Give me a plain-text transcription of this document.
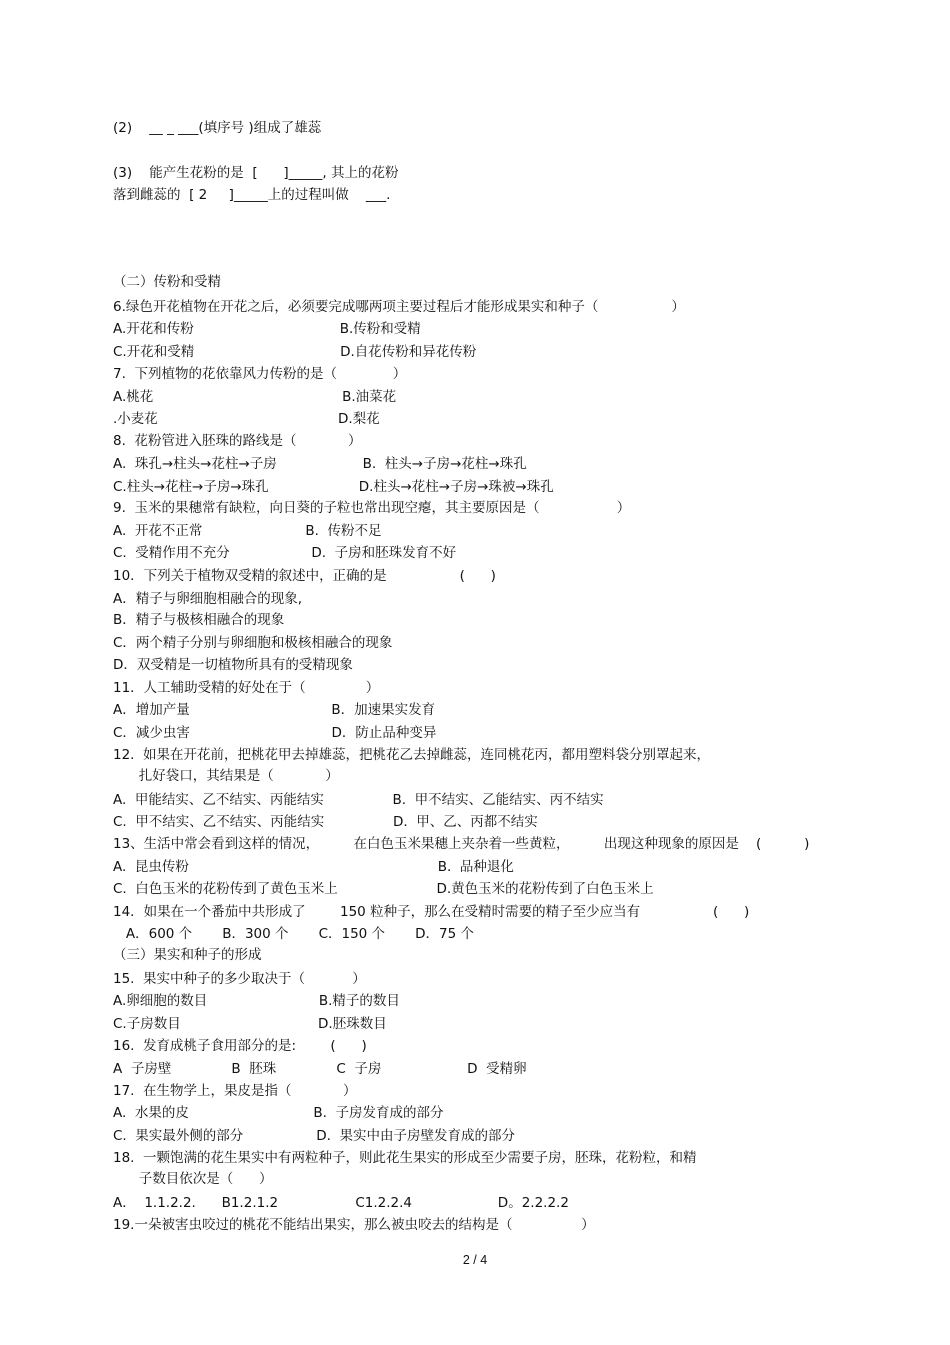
(2)    __ _ ___(填序号 )组成了雄蕊
(3)    能产生花粉的是  [      ]_____, 其上的花粉
落到雌蕊的  [ 2     ]_____上的过程叫做    ___.
（二）传粉和受精
6.绿色开花植物在开花之后，必须要完成哪两项主要过程后才能形成果实和种子（                 ）
A.开花和传粉                                  B.传粉和受精
C.开花和受精                                  D.自花传粉和异花传粉
7.  下列植物的花依靠风力传粉的是（             ）
A.桃花                                            B.油菜花
.小麦花                                          D.梨花
8.  花粉管进入胚珠的路线是（            ）
A.  珠孔→柱头→花柱→子房                    B.  柱头→子房→花柱→珠孔
C.柱头→花柱→子房→珠孔                     D.柱头→花柱→子房→珠被→珠孔
9.  玉米的果穗常有缺粒，向日葵的子粒也常出现空瘪，其主要原因是（                  ）
A.  开花不正常                        B.  传粉不足
C.  受精作用不充分                   D.  子房和胚珠发育不好
10．下列关于植物双受精的叙述中，正确的是                 (      )
A．精子与卵细胞相融合的现象,
B．精子与极核相融合的现象
C．两个精子分别与卵细胞和极核相融合的现象
D．双受精是一切植物所具有的受精现象
11．人工辅助受精的好处在于（              ）
A．增加产量                                 B．加速果实发育
C．减少虫害                                 D．防止品种变异
12.  如果在开花前，把桃花甲去掉雄蕊，把桃花乙去掉雌蕊，连同桃花丙，都用塑料袋分别罩起来，
扎好袋口，其结果是（            ）
A.  甲能结实、乙不结实、丙能结实                B.  甲不结实、乙能结实、丙不结实
C.  甲不结实、乙不结实、丙能结实                D.  甲、乙、丙都不结实
13、生活中常会看到这样的情况，        在白色玉米果穗上夹杂着一些黄粒，        出现这种现象的原因是    (          )
A.  昆虫传粉                                                          B.  品种退化
C.  白色玉米的花粉传到了黄色玉米上                       D.黄色玉米的花粉传到了白色玉米上
14．如果在一个番茄中共形成了        150 粒种子，那么在受精时需要的精子至少应当有                 (      )
A．600 个       B．300 个       C．150 个       D．75 个
（三）果实和种子的形成
15.  果实中种子的多少取决于（           ）
A.卵细胞的数目                          B.精子的数目
C.子房数目                                D.胚珠数目
16.  发育成桃子食用部分的是:        (      )
A  子房壁              B  胚珠              C  子房                    D  受精卵
17.  在生物学上，果皮是指（            ）
A.  水果的皮                             B.  子房发育成的部分
C.  果实最外侧的部分                 D.  果实中由子房壁发育成的部分
18.  一颗饱满的花生果实中有两粒种子，则此花生果实的形成至少需要子房，胚珠，花粉粒，和精
子数目依次是（      ）
A．  1.1.2.2.      B1.2.1.2                  C1.2.2.4                    D。2.2.2.2
19.一朵被害虫咬过的桃花不能结出果实，那么被虫咬去的结构是（                ）
2 / 4
